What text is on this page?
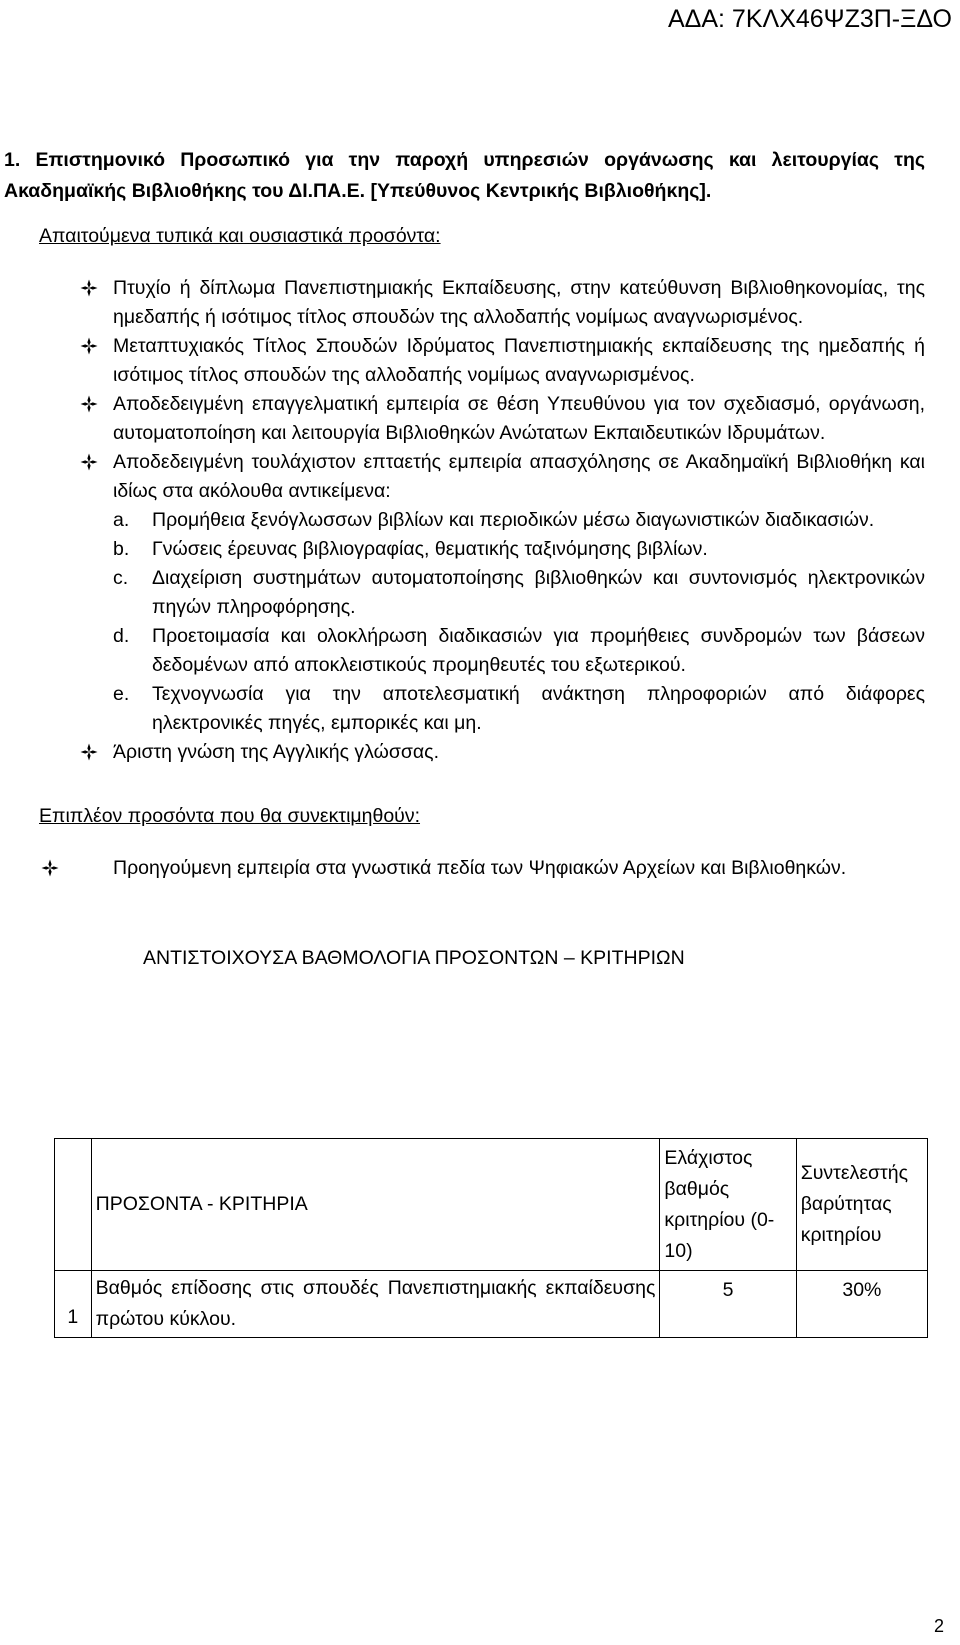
ΑΔΑ: 7ΚΛΧ46ΨΖ3Π-ΞΔΟ
1. Επιστημονικό Προσωπικό για την παροχή υπηρεσιών οργάνωσης και λειτουργίας της Ακαδημαϊκής Βιβλιοθήκης του ΔΙ.ΠΑ.Ε. [Υπεύθυνος Κεντρικής Βιβλιοθήκης].
Απαιτούμενα τυπικά και ουσιαστικά προσόντα:
Πτυχίο ή δίπλωμα Πανεπιστημιακής Εκπαίδευσης, στην κατεύθυνση Βιβλιοθηκονομίας, της ημεδαπής ή ισότιμος τίτλος σπουδών της αλλοδαπής νομίμως αναγνωρισμένος.
Μεταπτυχιακός Τίτλος Σπουδών Ιδρύματος Πανεπιστημιακής εκπαίδευσης της ημεδαπής ή ισότιμος τίτλος σπουδών της αλλοδαπής νομίμως αναγνωρισμένος.
Αποδεδειγμένη επαγγελματική εμπειρία σε θέση Υπευθύνου για τον σχεδιασμό, οργάνωση, αυτοματοποίηση και λειτουργία Βιβλιοθηκών Ανώτατων Εκπαιδευτικών Ιδρυμάτων.
Αποδεδειγμένη τουλάχιστον επταετής εμπειρία απασχόλησης σε Ακαδημαϊκή Βιβλιοθήκη και ιδίως στα ακόλουθα αντικείμενα:
a. Προμήθεια ξενόγλωσσων βιβλίων και περιοδικών μέσω διαγωνιστικών διαδικασιών.
b. Γνώσεις έρευνας βιβλιογραφίας, θεματικής ταξινόμησης βιβλίων.
c. Διαχείριση συστημάτων αυτοματοποίησης βιβλιοθηκών και συντονισμός ηλεκτρονικών πηγών πληροφόρησης.
d. Προετοιμασία και ολοκλήρωση διαδικασιών για προμήθειες συνδρομών των βάσεων δεδομένων από αποκλειστικούς προμηθευτές του εξωτερικού.
e. Τεχνογνωσία για την αποτελεσματική ανάκτηση πληροφοριών από διάφορες ηλεκτρονικές πηγές, εμπορικές και μη.
Άριστη γνώση της Αγγλικής γλώσσας.
Επιπλέον προσόντα που θα συνεκτιμηθούν:
Προηγούμενη εμπειρία στα γνωστικά πεδία των Ψηφιακών Αρχείων και Βιβλιοθηκών.
ΑΝΤΙΣΤΟΙΧΟΥΣΑ ΒΑΘΜΟΛΟΓΙΑ ΠΡΟΣΟΝΤΩΝ – ΚΡΙΤΗΡΙΩΝ
	ΠΡΟΣΟΝΤΑ - ΚΡΙΤΗΡΙΑ	Ελάχιστος βαθμός κριτηρίου (0-10)	Συντελεστής βαρύτητας κριτηρίου
1	Βαθμός επίδοσης στις σπουδές Πανεπιστημιακής εκπαίδευσης πρώτου κύκλου.	5	30%
2
